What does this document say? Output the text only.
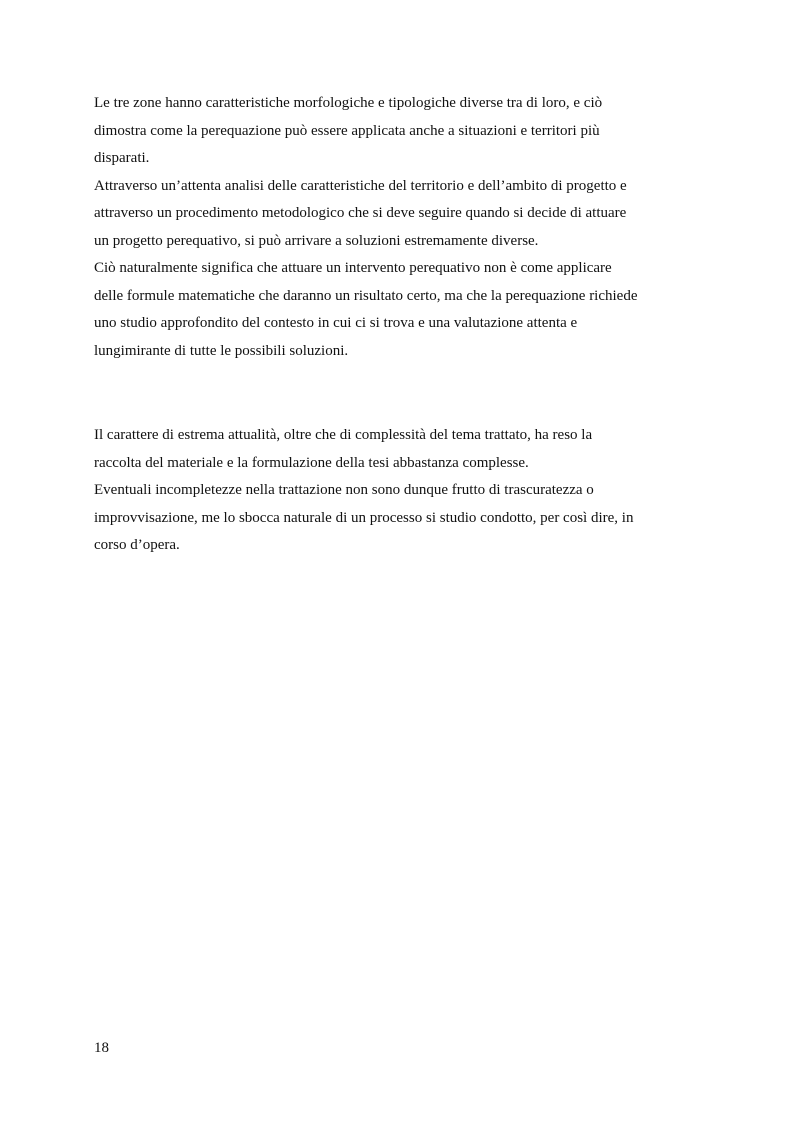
Le tre zone hanno caratteristiche morfologiche e tipologiche diverse tra di loro, e ciò
dimostra come la perequazione può essere applicata anche a situazioni e territori più
disparati.
Attraverso un’attenta analisi delle caratteristiche del territorio e dell’ambito di progetto e
attraverso un procedimento metodologico che si deve seguire quando si decide di attuare
un progetto perequativo, si può arrivare a soluzioni estremamente diverse.
Ciò naturalmente significa che attuare un intervento perequativo non è come applicare
delle formule matematiche che daranno un risultato certo, ma che la perequazione richiede
uno studio approfondito del contesto in cui ci si trova e una valutazione attenta e
lungimirante di tutte le possibili soluzioni.
Il carattere di estrema attualità, oltre che di complessità del tema trattato, ha reso la
raccolta del materiale e la formulazione della tesi abbastanza complesse.
Eventuali incompletezze nella trattazione non sono dunque frutto di trascuratezza o
improvvisazione, me lo sbocca naturale di un processo si studio condotto, per così dire, in
corso d’opera.
18
